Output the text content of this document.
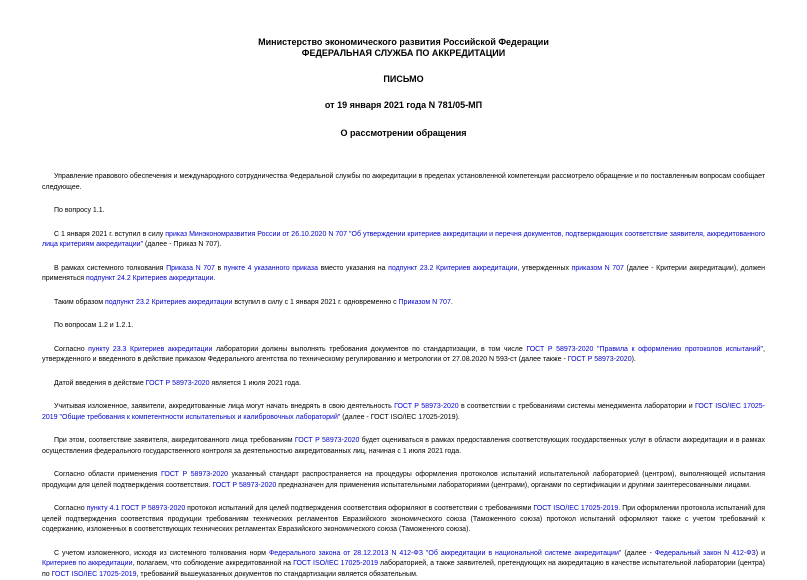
Министерство экономического развития Российской Федерации
ФЕДЕРАЛЬНАЯ СЛУЖБА ПО АККРЕДИТАЦИИ
ПИСЬМО
от 19 января 2021 года N 781/05-МП
О рассмотрении обращения

Управление правового обеспечения и международного сотрудничества Федеральной службы по аккредитации в пределах установленной компетенции рассмотрело обращение и по поставленным вопросам сообщает следующее.

По вопросу 1.1.

С 1 января 2021 г. вступил в силу приказ Минэкономразвития России от 26.10.2020 N 707 "Об утверждении критериев аккредитации и перечня документов, подтверждающих соответствие заявителя, аккредитованного лица критериям аккредитации" (далее - Приказ N 707).

В рамках системного толкования Приказа N 707 в пункте 4 указанного приказа вместо указания на подпункт 23.2 Критериев аккредитации, утвержденных приказом N 707 (далее - Критерии аккредитации), должен применяться подпункт 24.2 Критериев аккредитации.

Таким образом подпункт 23.2 Критериев аккредитации вступил в силу с 1 января 2021 г. одновременно с Приказом N 707.

По вопросам 1.2 и 1.2.1.

Согласно пункту 23.3 Критериев аккредитации лаборатории должны выполнять требования документов по стандартизации, в том числе ГОСТ Р 58973-2020 "Правила к оформлению протоколов испытаний", утвержденного и введенного в действие приказом Федерального агентства по техническому регулированию и метрологии от 27.08.2020 N 593-ст (далее также - ГОСТ Р 58973-2020).

Датой введения в действие ГОСТ Р 58973-2020 является 1 июля 2021 года.

Учитывая изложенное, заявители, аккредитованные лица могут начать внедрять в свою деятельность ГОСТ Р 58973-2020 в соответствии с требованиями системы менеджмента лаборатории и ГОСТ ISO/IEC 17025-2019 "Общие требования к компетентности испытательных и калибровочных лабораторий" (далее - ГОСТ ISO/IEC 17025-2019).

При этом, соответствие заявителя, аккредитованного лица требованиям ГОСТ Р 58973-2020 будет оцениваться в рамках предоставления соответствующих государственных услуг в области аккредитации и в рамках осуществления федерального государственного контроля за деятельностью аккредитованных лиц, начиная с 1 июля 2021 года.

Согласно области применения ГОСТ Р 58973-2020 указанный стандарт распространяется на процедуры оформления протоколов испытаний испытательной лабораторией (центром), выполняющей испытания продукции для целей подтверждения соответствия. ГОСТ Р 58973-2020 предназначен для применения испытательными лабораториями (центрами), органами по сертификации и другими заинтересованными лицами.

Согласно пункту 4.1 ГОСТ Р 58973-2020 протокол испытаний для целей подтверждения соответствия оформляют в соответствии с требованиями ГОСТ ISO/IEC 17025-2019. При оформлении протокола испытаний для целей подтверждения соответствия продукции требованиям технических регламентов Евразийского экономического союза (Таможенного союза) протокол испытаний оформляют также с учетом требований к содержанию, изложенных в соответствующих технических регламентах Евразийского экономического союза (Таможенного союза).

С учетом изложенного, исходя из системного толкования норм Федерального закона от 28.12.2013 N 412-ФЗ "Об аккредитации в национальной системе аккредитации" (далее - Федеральный закон N 412-ФЗ) и Критериев по аккредитации, полагаем, что соблюдение аккредитованной на ГОСТ ISO/IEC 17025-2019 лабораторией, а также заявителей, претендующих на аккредитацию в качестве испытательной лаборатории (центра) по ГОСТ ISO/IEC 17025-2019, требований вышеуказанных документов по стандартизации является обязательным.
